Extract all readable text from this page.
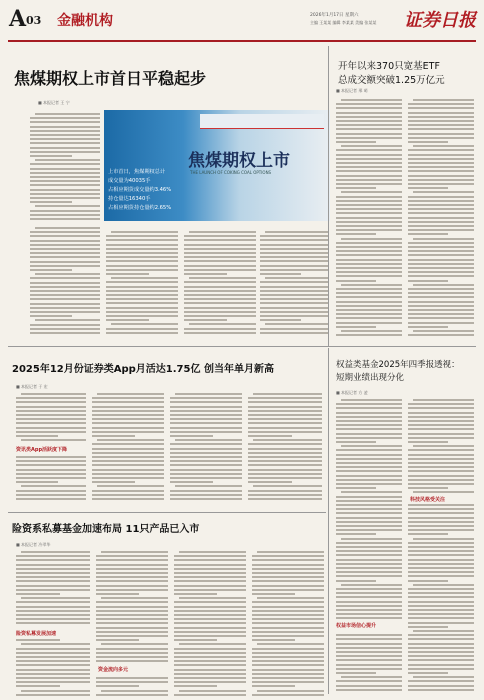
A 03 金融机构	2026年1月17日 星期六
主编 王某某 编辑 李某某 美编 张某某 证券日报
焦煤期权上市首日平稳起步
■ 本报记者 王 宁
上市首日，焦煤期权总计
成交量为40035手
占相应期货成交量约3.46%
持仓量达16340手
占相应期货持仓量约2.65%
焦煤期权上市
THE LAUNCH OF COKING COAL OPTIONS
开年以来370只宽基ETF
总成交额突破1.25万亿元
■ 本报记者 邢 萌
2025年12月份证券类App月活达1.75亿 创当年单月新高
■ 本报记者 于 宏
资讯类App活跃度下降
权益类基金2025年四季报透视：
短期业绩出现分化
■ 本报记者 方 凌
科技风格受关注
权益市场信心提升
险资系私募基金加速布局 11只产品已入市
■ 本报记者 冷翠华
险资私募发展加速
资金流向多元
